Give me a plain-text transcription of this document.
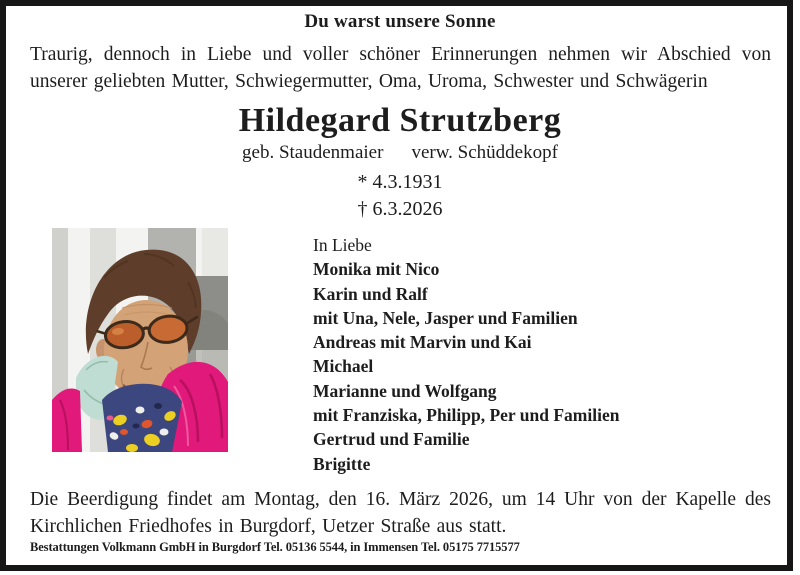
Du warst unsere Sonne
Traurig, dennoch in Liebe und voller schöner Erinnerungen nehmen wir Abschied von unserer geliebten Mutter, Schwiegermutter, Oma, Uroma, Schwester und Schwägerin
Hildegard Strutzberg
geb. Staudenmaier verw. Schüddekopf
* 4.3.1931
† 6.3.2026
In Liebe
Monika mit Nico
Karin und Ralf
mit Una, Nele, Jasper und Familien
Andreas mit Marvin und Kai
Michael
Marianne und Wolfgang
mit Franziska, Philipp, Per und Familien
Gertrud und Familie
Brigitte
Die Beerdigung findet am Montag, den 16. März 2026, um 14 Uhr von der Kapelle des Kirchlichen Friedhofes in Burgdorf, Uetzer Straße aus statt.
Bestattungen Volkmann GmbH in Burgdorf Tel. 05136 5544, in Immensen Tel. 05175 7715577
